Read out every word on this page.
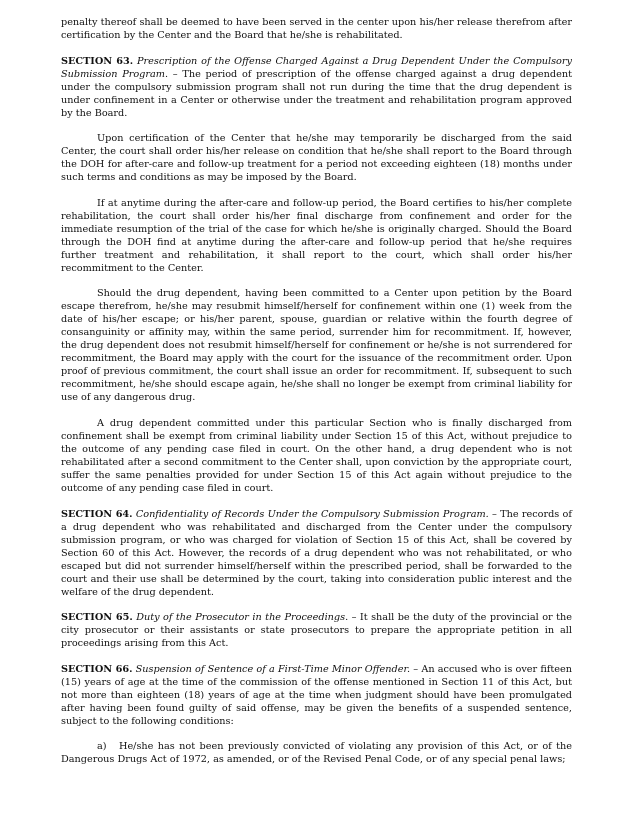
penalty thereof shall be deemed to have been served in the center upon his/her release therefrom after certification by the Center and the Board that he/she is rehabilitated.

SECTION 63. Prescription of the Offense Charged Against a Drug Dependent Under the Compulsory Submission Program. – The period of prescription of the offense charged against a drug dependent under the compulsory submission program shall not run during the time that the drug dependent is under confinement in a Center or otherwise under the treatment and rehabilitation program approved by the Board.

Upon certification of the Center that he/she may temporarily be discharged from the said Center, the court shall order his/her release on condition that he/she shall report to the Board through the DOH for after-care and follow-up treatment for a period not exceeding eighteen (18) months under such terms and conditions as may be imposed by the Board.

If at anytime during the after-care and follow-up period, the Board certifies to his/her complete rehabilitation, the court shall order his/her final discharge from confinement and order for the immediate resumption of the trial of the case for which he/she is originally charged. Should the Board through the DOH find at anytime during the after-care and follow-up period that he/she requires further treatment and rehabilitation, it shall report to the court, which shall order his/her recommitment to the Center.

Should the drug dependent, having been committed to a Center upon petition by the Board escape therefrom, he/she may resubmit himself/herself for confinement within one (1) week from the date of his/her escape; or his/her parent, spouse, guardian or relative within the fourth degree of consanguinity or affinity may, within the same period, surrender him for recommitment. If, however, the drug dependent does not resubmit himself/herself for confinement or he/she is not surrendered for recommitment, the Board may apply with the court for the issuance of the recommitment order. Upon proof of previous commitment, the court shall issue an order for recommitment. If, subsequent to such recommitment, he/she should escape again, he/she shall no longer be exempt from criminal liability for use of any dangerous drug.

A drug dependent committed under this particular Section who is finally discharged from confinement shall be exempt from criminal liability under Section 15 of this Act, without prejudice to the outcome of any pending case filed in court. On the other hand, a drug dependent who is not rehabilitated after a second commitment to the Center shall, upon conviction by the appropriate court, suffer the same penalties provided for under Section 15 of this Act again without prejudice to the outcome of any pending case filed in court.

SECTION 64. Confidentiality of Records Under the Compulsory Submission Program. – The records of a drug dependent who was rehabilitated and discharged from the Center under the compulsory submission program, or who was charged for violation of Section 15 of this Act, shall be covered by Section 60 of this Act. However, the records of a drug dependent who was not rehabilitated, or who escaped but did not surrender himself/herself within the prescribed period, shall be forwarded to the court and their use shall be determined by the court, taking into consideration public interest and the welfare of the drug dependent.

SECTION 65. Duty of the Prosecutor in the Proceedings. – It shall be the duty of the provincial or the city prosecutor or their assistants or state prosecutors to prepare the appropriate petition in all proceedings arising from this Act.

SECTION 66. Suspension of Sentence of a First-Time Minor Offender. – An accused who is over fifteen (15) years of age at the time of the commission of the offense mentioned in Section 11 of this Act, but not more than eighteen (18) years of age at the time when judgment should have been promulgated after having been found guilty of said offense, may be given the benefits of a suspended sentence, subject to the following conditions:

a) He/she has not been previously convicted of violating any provision of this Act, or of the Dangerous Drugs Act of 1972, as amended, or of the Revised Penal Code, or of any special penal laws;
